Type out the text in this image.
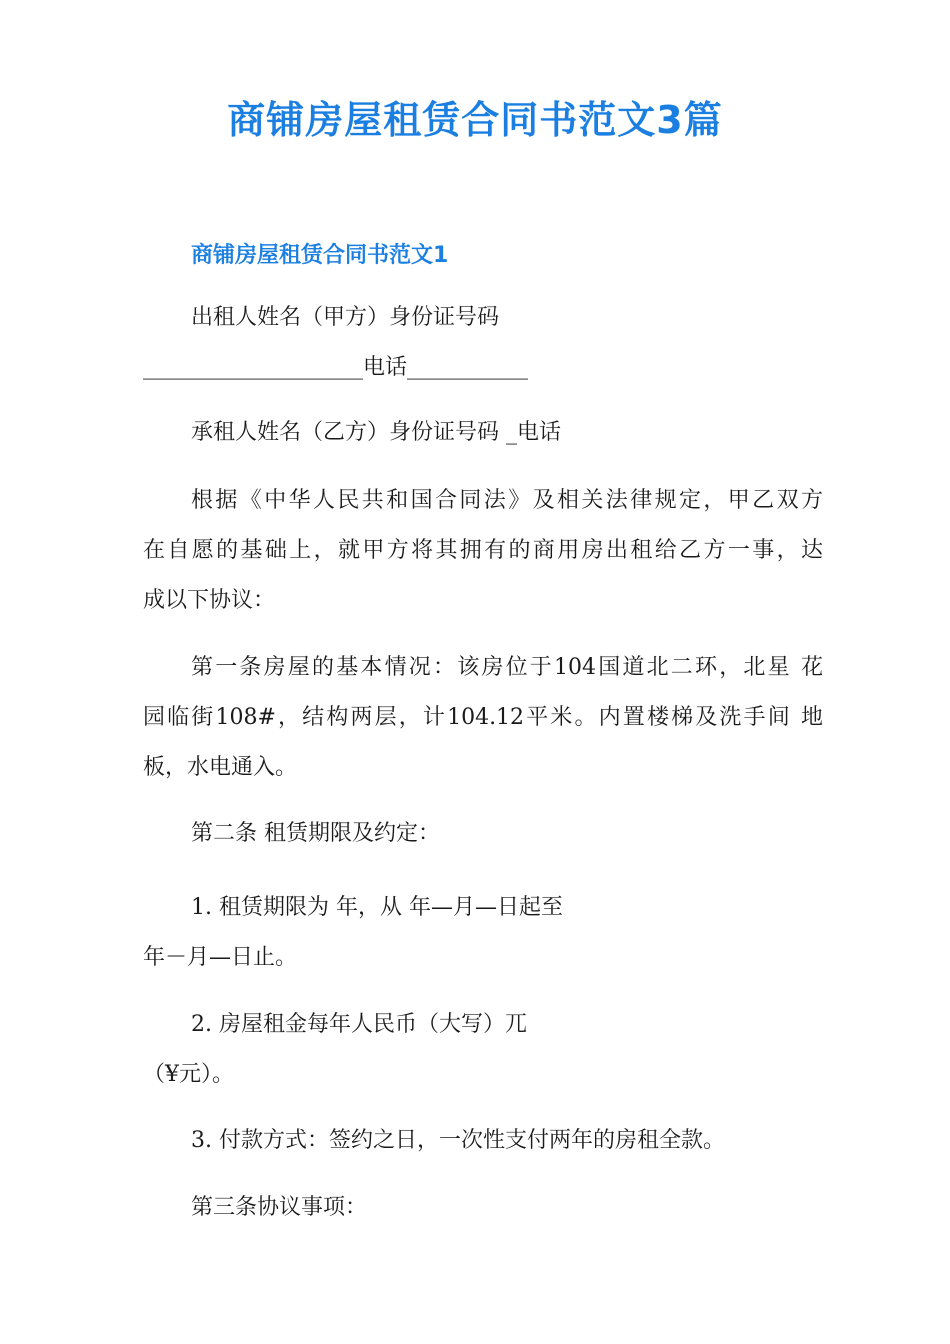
商铺房屋租赁合同书范文3篇
商铺房屋租赁合同书范文1

出租人姓名（甲方）身份证号码

____________________电话___________

承租人姓名（乙方）身份证号码 _电话

根据《中华人民共和国合同法》及相关法律规定，甲乙双方

在自愿的基础上，就甲方将其拥有的商用房出租给乙方一事，达

成以下协议：

第一条房屋的基本情况：该房位于104国道北二环，北星 花

园临街108#，结构两层，计104.12平米。内置楼梯及洗手间 地

板，水电通入。

第二条 租赁期限及约定：

1. 租赁期限为 年，从 年—月—日起至

年－月—日止。

2. 房屋租金每年人民币（大写）兀

（¥元）。

3. 付款方式：签约之日，一次性支付两年的房租全款。

第三条协议事项：
